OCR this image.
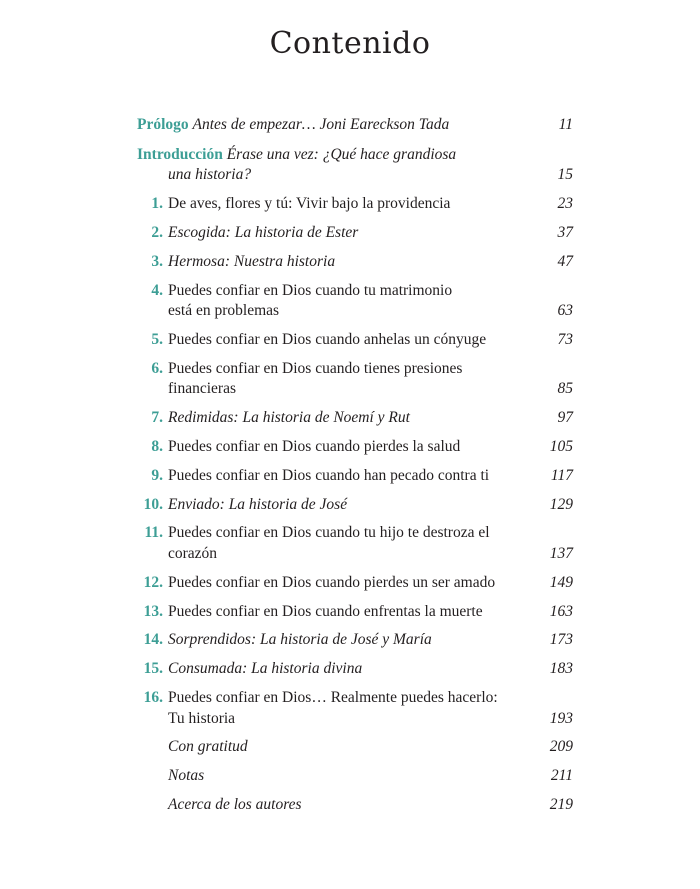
Contenido
Prólogo Antes de empezar… Joni Eareckson Tada	11
Introducción Érase una vez: ¿Qué hace grandiosa
una historia?	15
1. De aves, flores y tú: Vivir bajo la providencia	23
2. Escogida: La historia de Ester	37
3. Hermosa: Nuestra historia	47
4. Puedes confiar en Dios cuando tu matrimonio
está en problemas	63
5. Puedes confiar en Dios cuando anhelas un cónyuge	73
6. Puedes confiar en Dios cuando tienes presiones
financieras	85
7. Redimidas: La historia de Noemí y Rut	97
8. Puedes confiar en Dios cuando pierdes la salud	105
9. Puedes confiar en Dios cuando han pecado contra ti	117
10. Enviado: La historia de José	129
11. Puedes confiar en Dios cuando tu hijo te destroza el
corazón	137
12. Puedes confiar en Dios cuando pierdes un ser amado	149
13. Puedes confiar en Dios cuando enfrentas la muerte	163
14. Sorprendidos: La historia de José y María	173
15. Consumada: La historia divina	183
16. Puedes confiar en Dios… Realmente puedes hacerlo:
Tu historia	193
Con gratitud	209
Notas	211
Acerca de los autores	219
